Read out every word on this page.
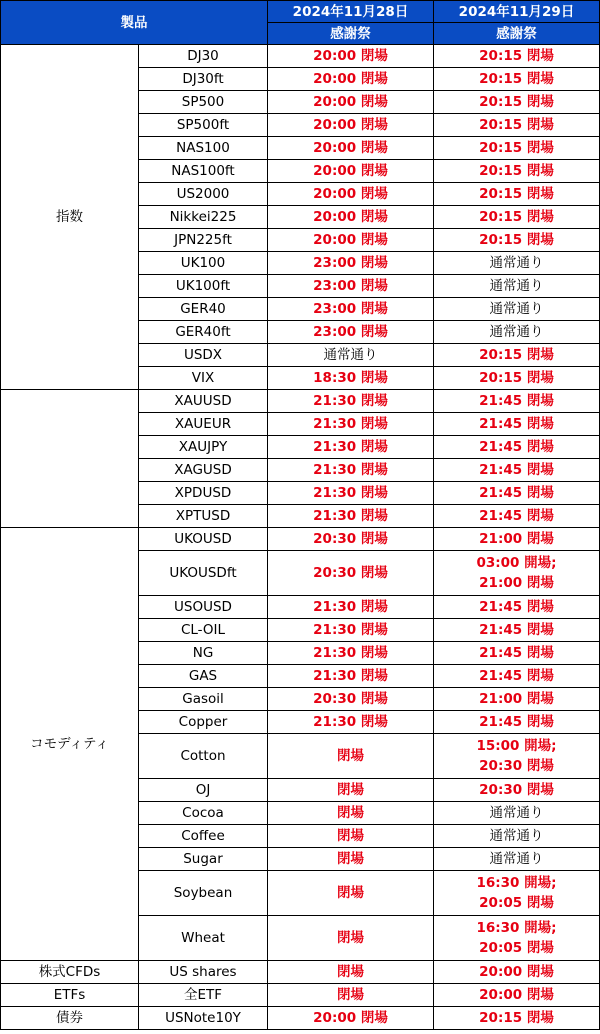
製品		2024年11月28日	2024年11月29日
		感謝祭	感謝祭
指数	DJ30	20:00 閉場	20:15 閉場
	DJ30ft	20:00 閉場	20:15 閉場
	SP500	20:00 閉場	20:15 閉場
	SP500ft	20:00 閉場	20:15 閉場
	NAS100	20:00 閉場	20:15 閉場
	NAS100ft	20:00 閉場	20:15 閉場
	US2000	20:00 閉場	20:15 閉場
	Nikkei225	20:00 閉場	20:15 閉場
	JPN225ft	20:00 閉場	20:15 閉場
	UK100	23:00 閉場	通常通り
	UK100ft	23:00 閉場	通常通り
	GER40	23:00 閉場	通常通り
	GER40ft	23:00 閉場	通常通り
	USDX	通常通り	20:15 閉場
	VIX	18:30 閉場	20:15 閉場
	XAUUSD	21:30 閉場	21:45 閉場
	XAUEUR	21:30 閉場	21:45 閉場
	XAUJPY	21:30 閉場	21:45 閉場
	XAGUSD	21:30 閉場	21:45 閉場
	XPDUSD	21:30 閉場	21:45 閉場
	XPTUSD	21:30 閉場	21:45 閉場
コモディティ	UKOUSD	20:30 閉場	21:00 閉場
	UKOUSDft	20:30 閉場	03:00 開場;
21:00 閉場

	USOUSD	21:30 閉場	21:45 閉場
	CL-OIL	21:30 閉場	21:45 閉場
	NG	21:30 閉場	21:45 閉場
	GAS	21:30 閉場	21:45 閉場
	Gasoil	20:30 閉場	21:00 閉場
	Copper	21:30 閉場	21:45 閉場
	Cotton	閉場	15:00 開場;
20:30 閉場

	OJ	閉場	20:30 閉場
	Cocoa	閉場	通常通り
	Coffee	閉場	通常通り
	Sugar	閉場	通常通り
	Soybean	閉場	16:30 開場;
20:05 閉場

	Wheat	閉場	16:30 開場;
20:05 閉場

株式CFDs	US shares	閉場	20:00 閉場
ETFs	全ETF	閉場	20:00 閉場
債券	USNote10Y	20:00 閉場	20:15 閉場
